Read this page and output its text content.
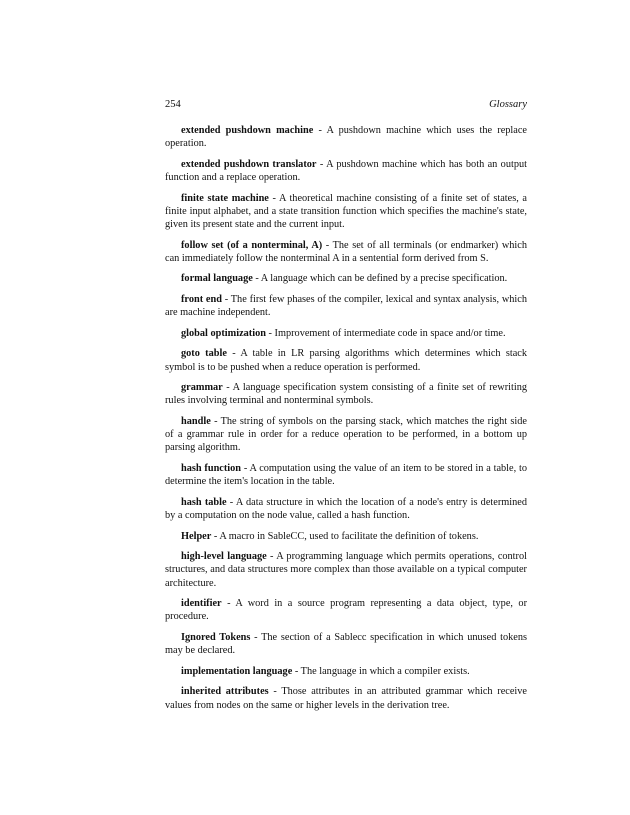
254	Glossary

extended pushdown machine - A pushdown machine which uses the replace operation.

extended pushdown translator - A pushdown machine which has both an output function and a replace operation.

finite state machine - A theoretical machine consisting of a finite set of states, a finite input alphabet, and a state transition function which specifies the machine's state, given its present state and the current input.

follow set (of a nonterminal, A) - The set of all terminals (or endmarker) which can immediately follow the nonterminal A in a sentential form derived from S.

formal language - A language which can be defined by a precise specification.

front end - The first few phases of the compiler, lexical and syntax analysis, which are machine independent.

global optimization - Improvement of intermediate code in space and/or time.

goto table - A table in LR parsing algorithms which determines which stack symbol is to be pushed when a reduce operation is performed.

grammar - A language specification system consisting of a finite set of rewriting rules involving terminal and nonterminal symbols.

handle - The string of symbols on the parsing stack, which matches the right side of a grammar rule in order for a reduce operation to be performed, in a bottom up parsing algorithm.

hash function - A computation using the value of an item to be stored in a table, to determine the item's location in the table.

hash table - A data structure in which the location of a node's entry is determined by a computation on the node value, called a hash function.

Helper - A macro in SableCC, used to facilitate the definition of tokens.

high-level language - A programming language which permits operations, control structures, and data structures more complex than those available on a typical computer architecture.

identifier - A word in a source program representing a data object, type, or procedure.

Ignored Tokens - The section of a Sablecc specification in which unused tokens may be declared.

implementation language - The language in which a compiler exists.

inherited attributes - Those attributes in an attributed grammar which receive values from nodes on the same or higher levels in the derivation tree.
